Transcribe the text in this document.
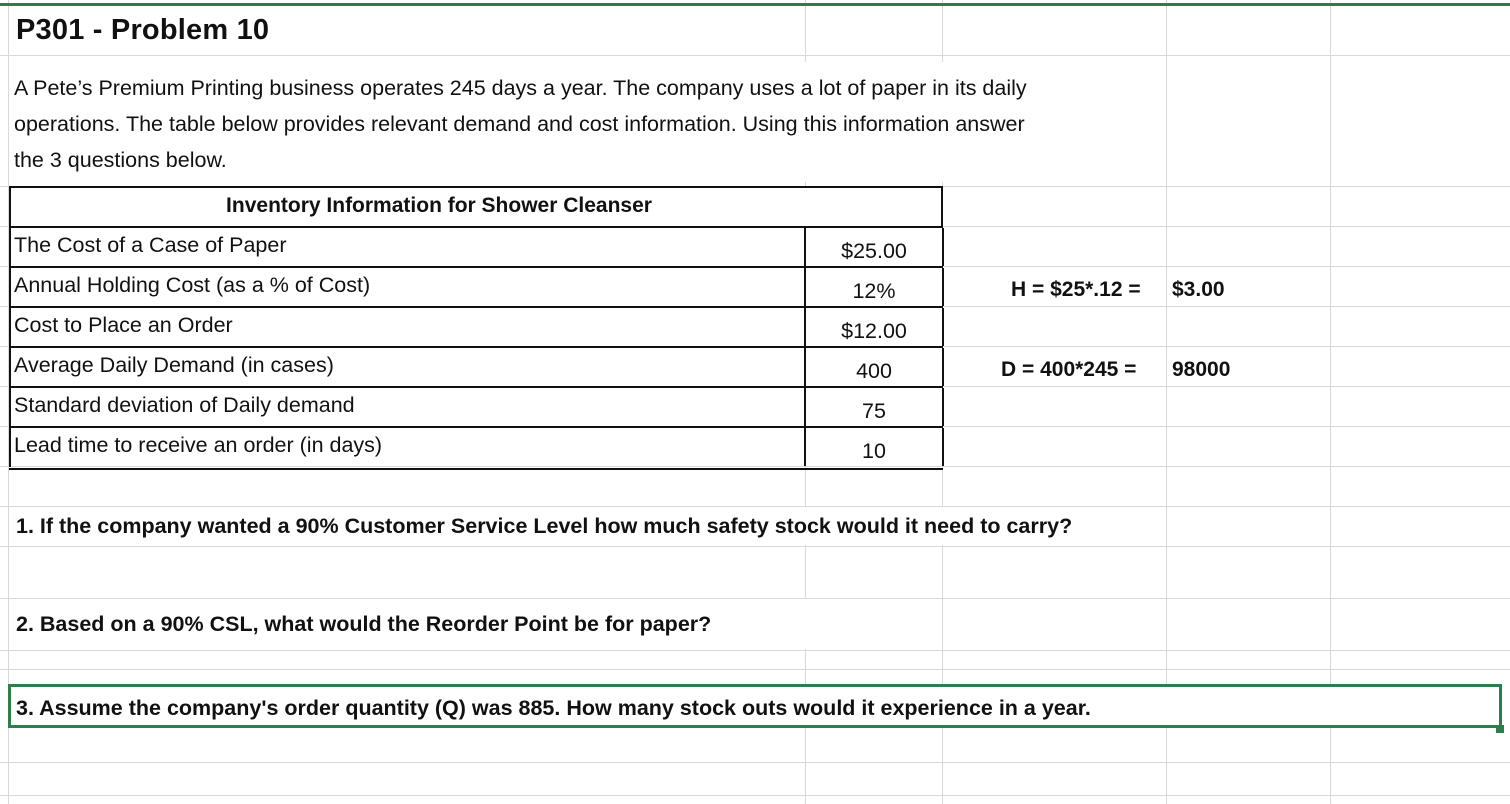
P301 - Problem 10
A Pete’s Premium Printing business operates 245 days a year. The company uses a lot of paper in its daily
operations. The table below provides relevant demand and cost information. Using this information answer
the 3 questions below.
Inventory Information for Shower Cleanser
The Cost of a Case of Paper	$25.00
Annual Holding Cost (as a % of Cost)	12%
Cost to Place an Order	$12.00
Average Daily Demand (in cases)	400
Standard deviation of Daily demand	75
Lead time to receive an order (in days)	10
H = $25*.12 = $3.00
D = 400*245 = 98000
1. If the company wanted a 90% Customer Service Level how much safety stock would it need to carry?
2. Based on a 90% CSL, what would the Reorder Point be for paper?
3. Assume the company's order quantity (Q) was 885. How many stock outs would it experience in a year.
